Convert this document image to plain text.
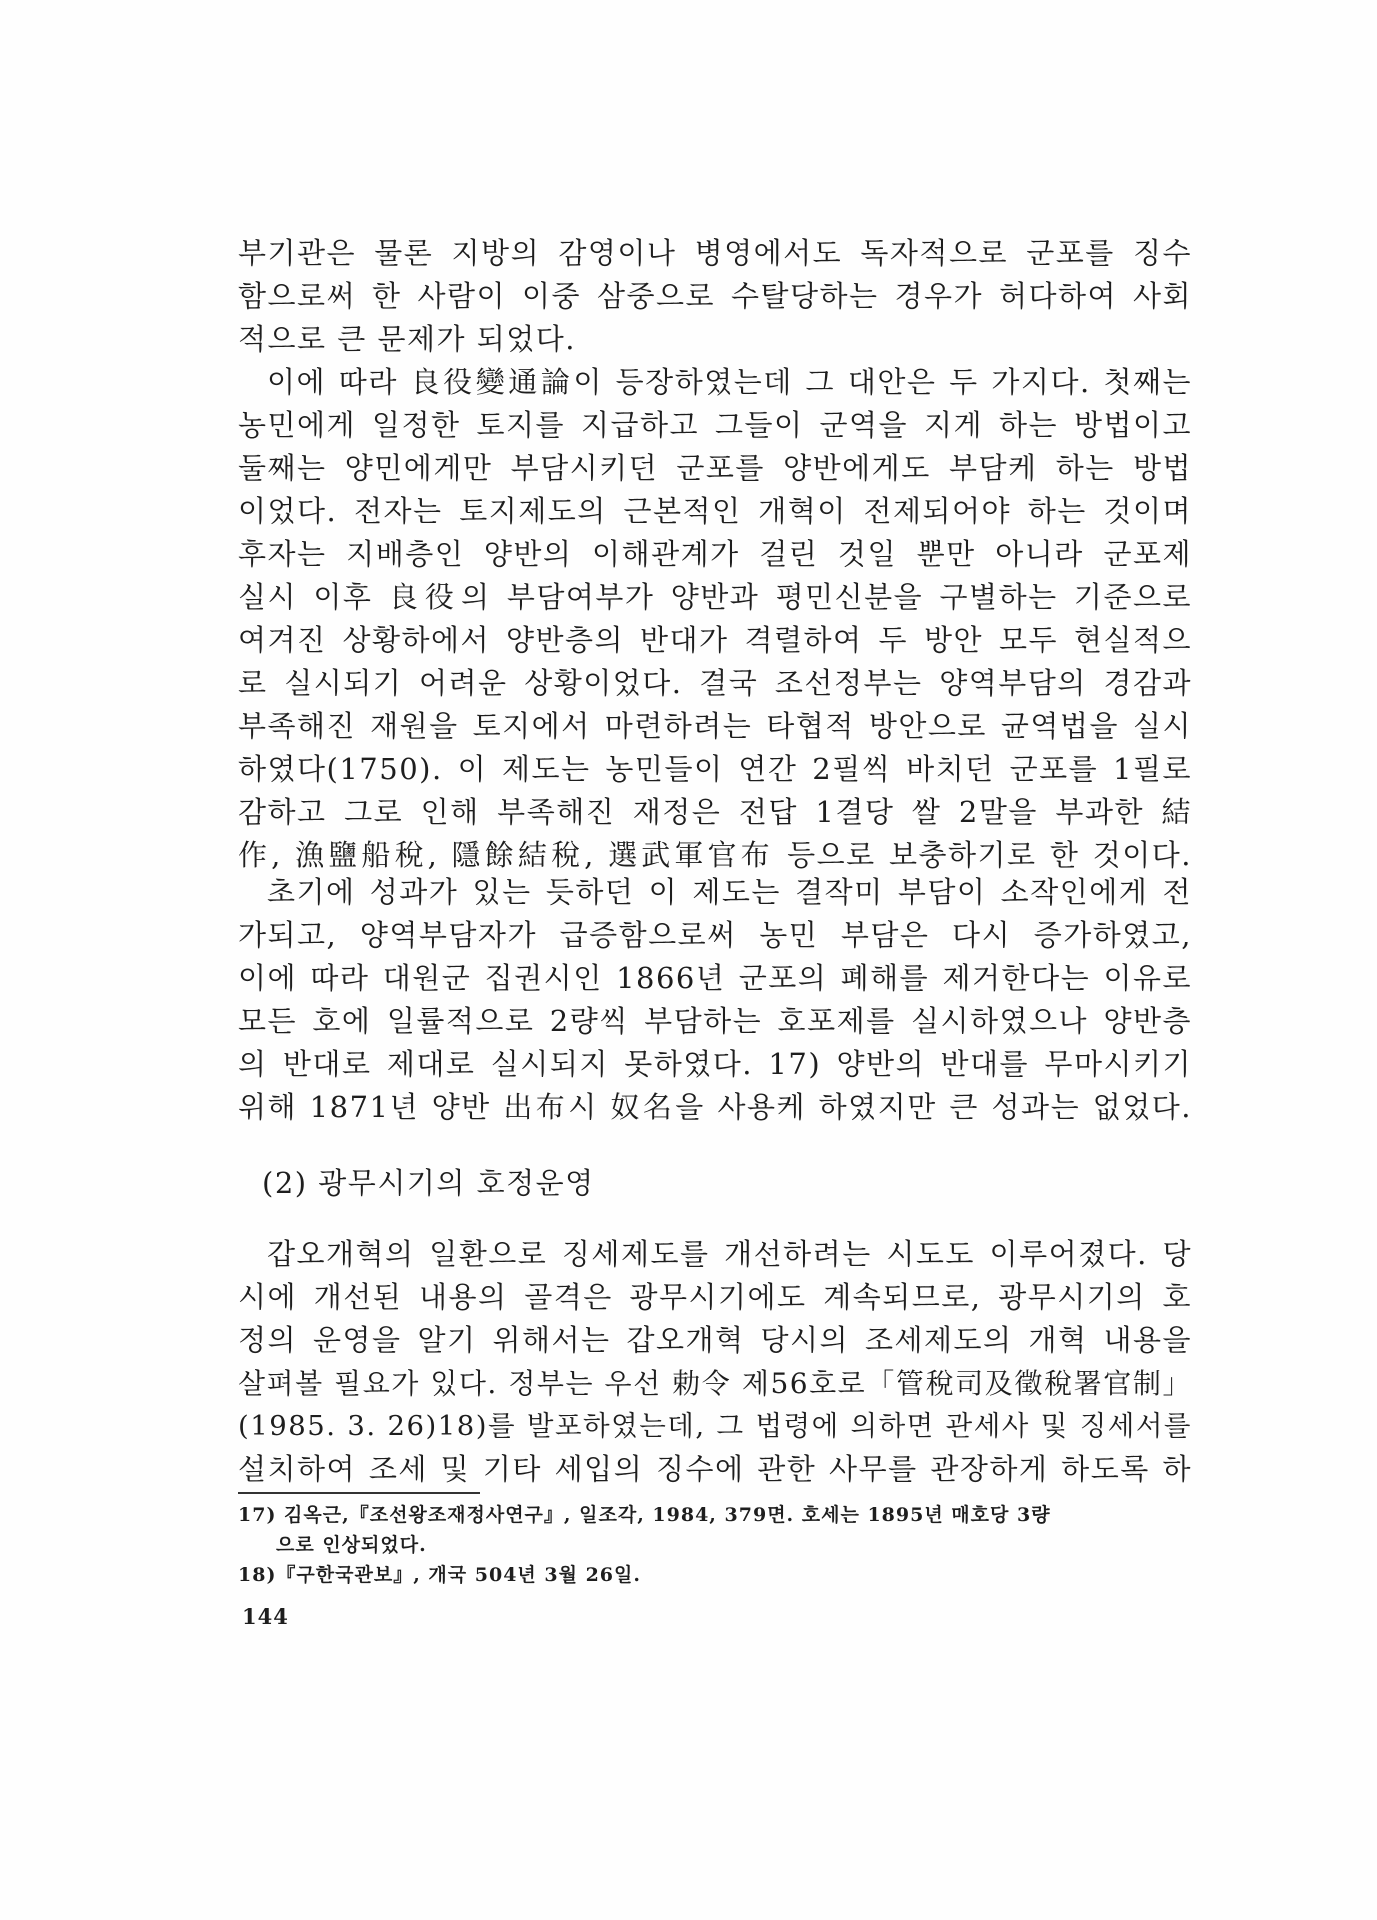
부기관은 물론 지방의 감영이나 병영에서도 독자적으로 군포를 징수
함으로써 한 사람이 이중 삼중으로 수탈당하는 경우가 허다하여 사회
적으로 큰 문제가 되었다.
이에 따라 良役變通論이 등장하였는데 그 대안은 두 가지다. 첫째는
농민에게 일정한 토지를 지급하고 그들이 군역을 지게 하는 방법이고
둘째는 양민에게만 부담시키던 군포를 양반에게도 부담케 하는 방법
이었다. 전자는 토지제도의 근본적인 개혁이 전제되어야 하는 것이며
후자는 지배층인 양반의 이해관계가 걸린 것일 뿐만 아니라 군포제
실시 이후 良役의 부담여부가 양반과 평민신분을 구별하는 기준으로
여겨진 상황하에서 양반층의 반대가 격렬하여 두 방안 모두 현실적으
로 실시되기 어려운 상황이었다. 결국 조선정부는 양역부담의 경감과
부족해진 재원을 토지에서 마련하려는 타협적 방안으로 균역법을 실시
하였다(1750). 이 제도는 농민들이 연간 2필씩 바치던 군포를 1필로
감하고 그로 인해 부족해진 재정은 전답 1결당 쌀 2말을 부과한 結
作, 漁鹽船稅, 隱餘結稅, 選武軍官布 등으로 보충하기로 한 것이다.
초기에 성과가 있는 듯하던 이 제도는 결작미 부담이 소작인에게 전
가되고, 양역부담자가 급증함으로써 농민 부담은 다시 증가하였고,
이에 따라 대원군 집권시인 1866년 군포의 폐해를 제거한다는 이유로
모든 호에 일률적으로 2량씩 부담하는 호포제를 실시하였으나 양반층
의 반대로 제대로 실시되지 못하였다. 17) 양반의 반대를 무마시키기
위해 1871년 양반 出布시 奴名을 사용케 하였지만 큰 성과는 없었다.
(2) 광무시기의 호정운영
갑오개혁의 일환으로 징세제도를 개선하려는 시도도 이루어졌다. 당
시에 개선된 내용의 골격은 광무시기에도 계속되므로, 광무시기의 호
정의 운영을 알기 위해서는 갑오개혁 당시의 조세제도의 개혁 내용을
살펴볼 필요가 있다. 정부는 우선 勅令 제56호로「管稅司及徵稅署官制」
(1985. 3. 26)18)를 발포하였는데, 그 법령에 의하면 관세사 및 징세서를
설치하여 조세 및 기타 세입의 징수에 관한 사무를 관장하게 하도록 하
17) 김옥근,『조선왕조재정사연구』, 일조각, 1984, 379면. 호세는 1895년 매호당 3량
으로 인상되었다.
18)『구한국관보』, 개국 504년 3월 26일.
144
